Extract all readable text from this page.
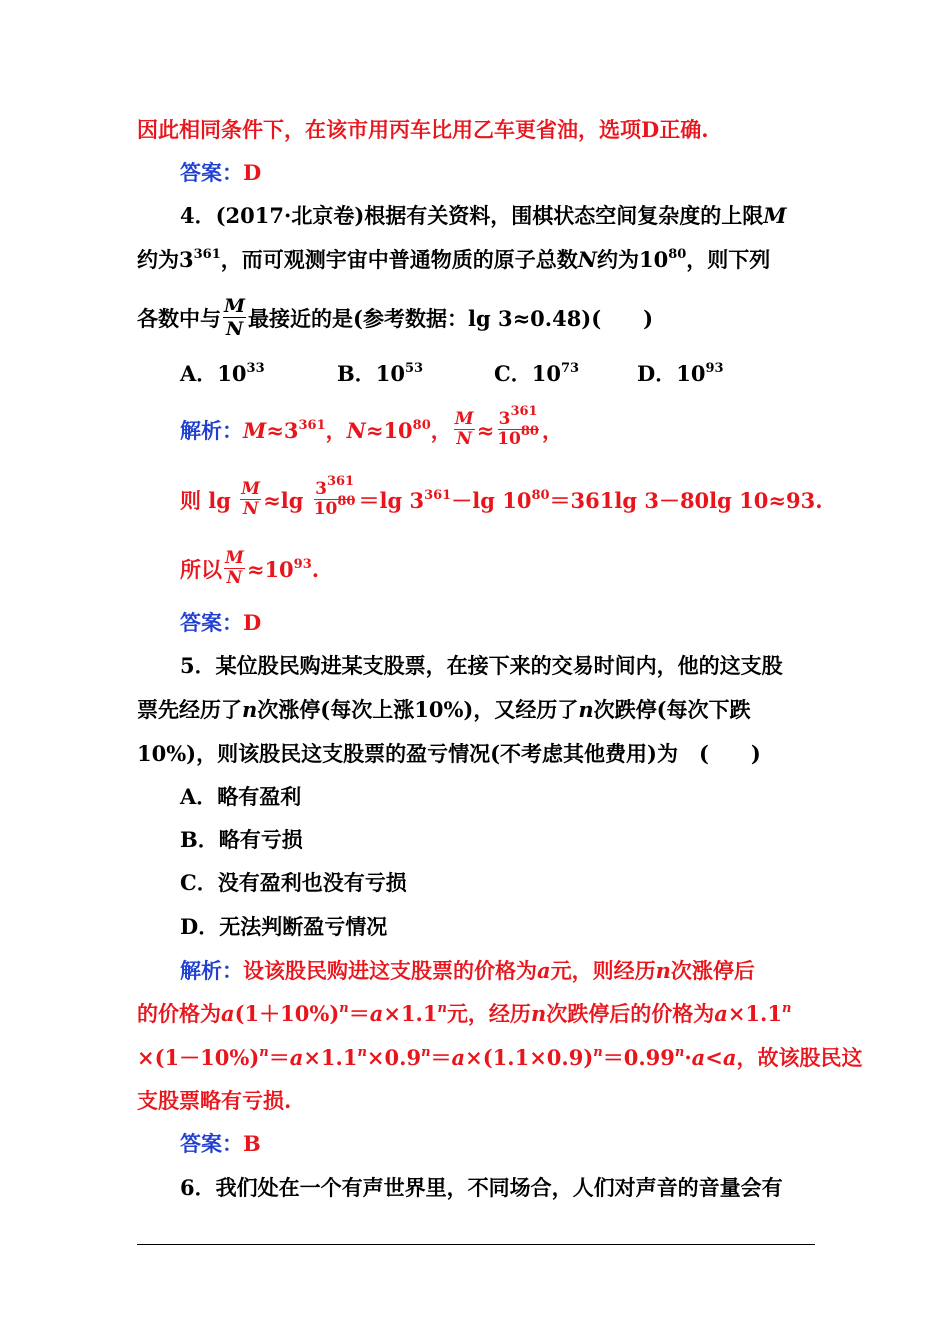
因此相同条件下，在该市用丙车比用乙车更省油，选项D正确.
答案：D
4．(2017·北京卷)根据有关资料，围棋状态空间复杂度的上限M
约为$3^{361}$，而可观测宇宙中普通物质的原子总数N约为$10^{80}$，则下列
各数中与 $\frac{M}{N}$ 最接近的是(参考数据：lg 3≈0.48)(　　)
A．$10^{33}$	B．$10^{53}$	C．$10^{73}$	D．$10^{93}$
解析：$M\approx 3^{361}$，$N\approx 10^{80}$， $\frac{M}{N} \approx \frac{3^{361}}{10^{80}}$ ，
则 $\lg \frac{M}{N} \approx\lg \frac{3^{361}}{10^{80}} =\lg$ $3^{361}-\lg$ $10^{80}=361\lg$ 3－80lg 10≈93.
所以 $\frac{M}{N} \approx 10^{93}$.
答案：D
5．某位股民购进某支股票，在接下来的交易时间内，他的这支股
票先经历了n次涨停(每次上涨10%)，又经历了n次跌停(每次下跌
10%)，则该股民这支股票的盈亏情况(不考虑其他费用)为　(　　)
A．略有盈利
B．略有亏损
C．没有盈利也没有亏损
D．无法判断盈亏情况
解析：设该股民购进这支股票的价格为a元，则经历n次涨停后
的价格为$a(1+10\%)^n=a\times 1.1^n$元，经历n次跌停后的价格为$a\times 1.1^n$
$\times(1-10\%)^n=a\times 1.1^n\times 0.9^n=a\times(1.1\times 0.9)^n=0.99^n\cdot a<a$，故该股民这
支股票略有亏损.
答案：B
6．我们处在一个有声世界里，不同场合，人们对声音的音量会有
